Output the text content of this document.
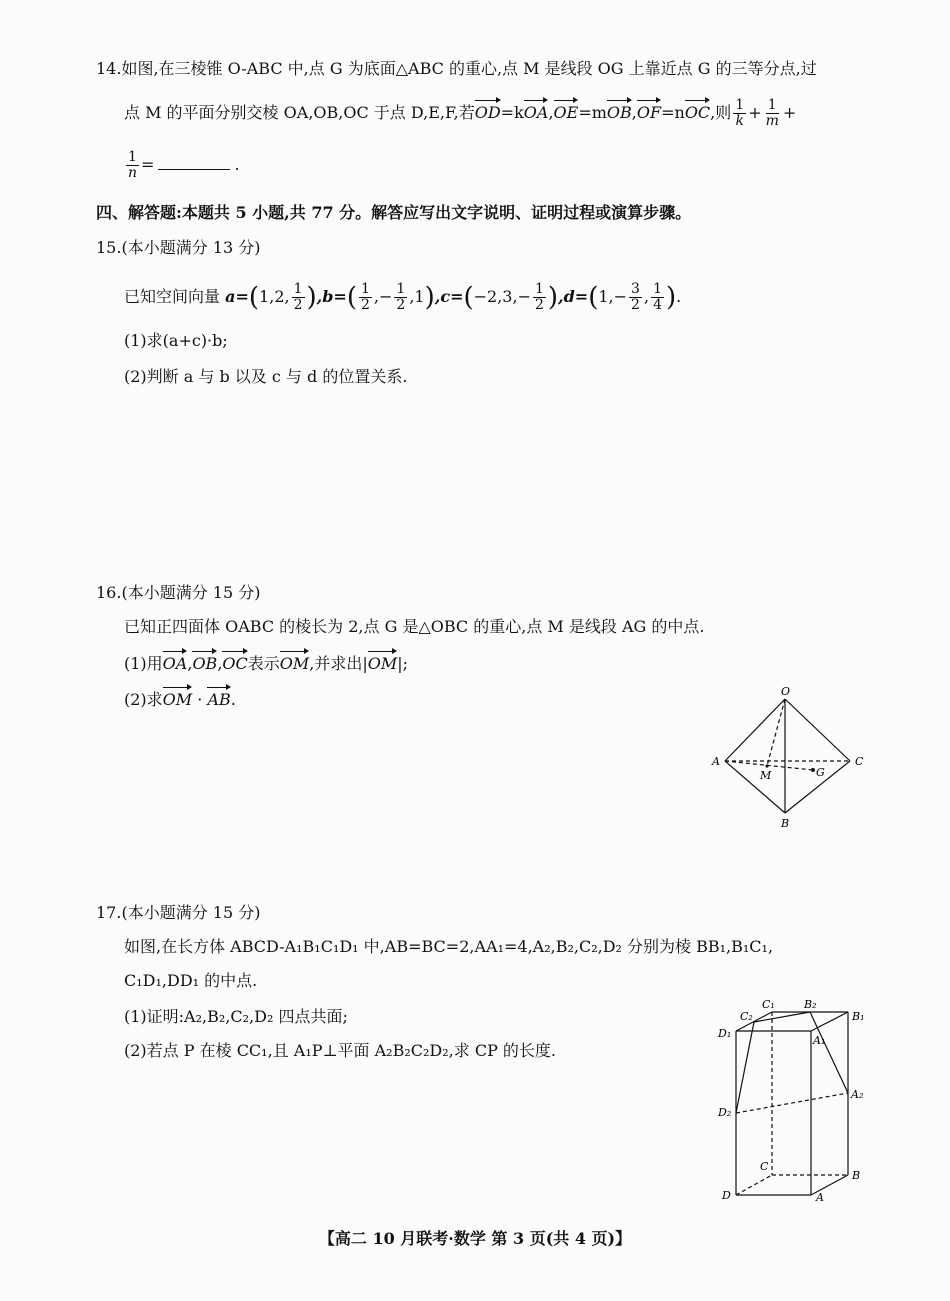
14.如图,在三棱锥 O-ABC 中,点 G 为底面△ABC 的重心,点 M 是线段 OG 上靠近点 G 的三等分点,过
点 M 的平面分别交棱 OA,OB,OC 于点 D,E,F,若OD=kOA,OE=mOB,OF=nOC,则 $\frac{1}{k} + \frac{1}{m}$ +
$\frac{1}{n}$ =	.
四、解答题:本题共 5 小题,共 77 分。解答应写出文字说明、证明过程或演算步骤。
15.(本小题满分 13 分)
已知空间向量 a=(1,2, $\frac{1}{2} ),b=( \frac{1}{2}$ ,− $\frac{1}{2} ,1),c=(-2,3,- \frac{1}{2} ),d=(1,- \frac{3}{2}$ , $\frac{1}{4}$ ).
(1)求(a+c)·b;
(2)判断 a 与 b 以及 c 与 d 的位置关系.
16.(本小题满分 15 分)
已知正四面体 OABC 的棱长为 2,点 G 是△OBC 的重心,点 M 是线段 AG 的中点.
(1)用OA,OB,OC表示OM,并求出|OM|;
(2)求OM · AB.	O
A	C
B
M	G
17.(本小题满分 15 分)
如图,在长方体 ABCD-A₁B₁C₁D₁ 中,AB=BC=2,AA₁=4,A₂,B₂,C₂,D₂ 分别为棱 BB₁,B₁C₁,
C₁D₁,DD₁ 的中点.
(1)证明:A₂,B₂,C₂,D₂ 四点共面;
(2)若点 P 在棱 CC₁,且 A₁P⊥平面 A₂B₂C₂D₂,求 CP 的长度.
C₁
C₂
B₂
B₁
D₁
A₁
A₂
D₂
C
B
D	A
【高二 10 月联考·数学 第 3 页(共 4 页)】
